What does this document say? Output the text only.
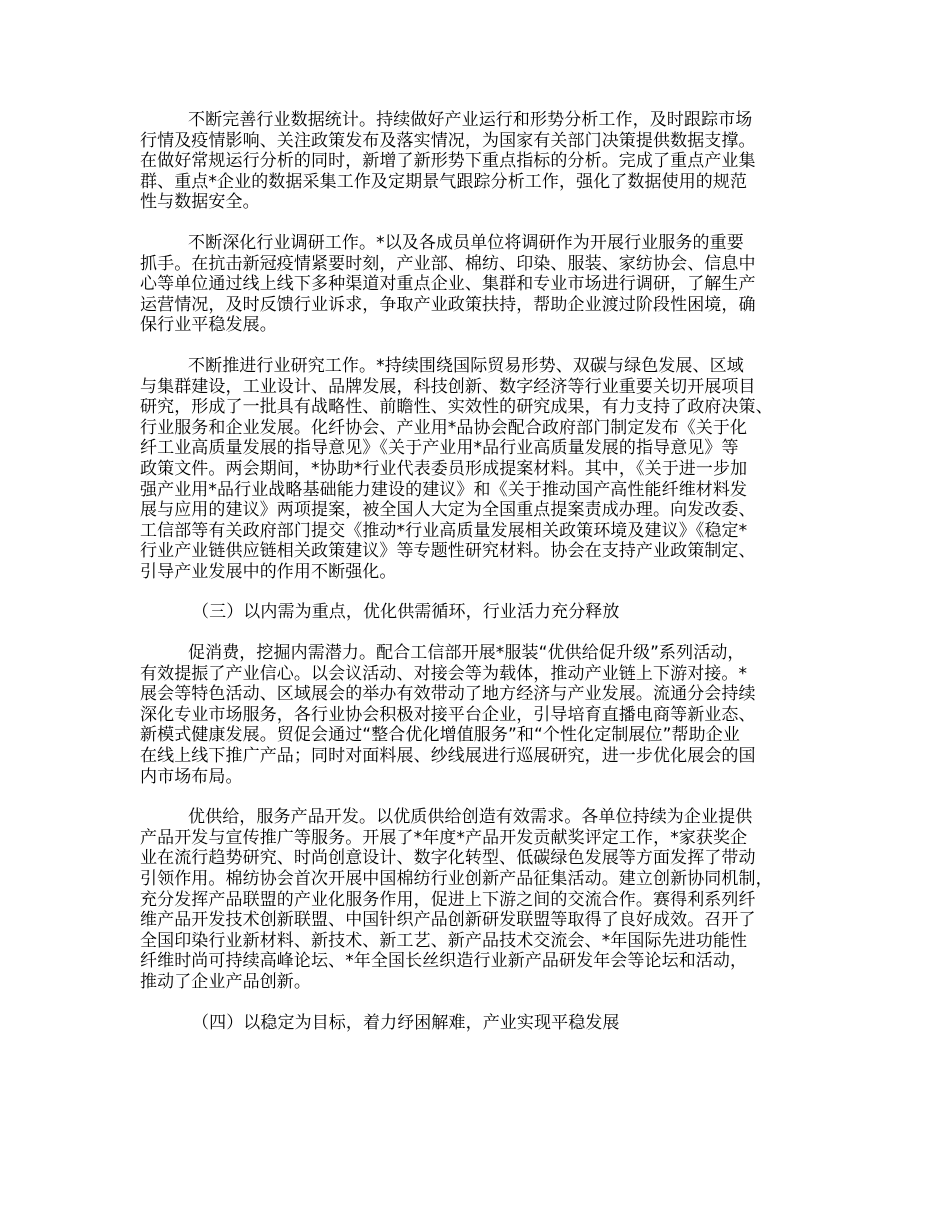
不断完善行业数据统计。持续做好产业运行和形势分析工作，及时跟踪市场
行情及疫情影响、关注政策发布及落实情况，为国家有关部门决策提供数据支撑。
在做好常规运行分析的同时，新增了新形势下重点指标的分析。完成了重点产业集
群、重点*企业的数据采集工作及定期景气跟踪分析工作，强化了数据使用的规范
性与数据安全。

不断深化行业调研工作。*以及各成员单位将调研作为开展行业服务的重要
抓手。在抗击新冠疫情紧要时刻，产业部、棉纺、印染、服装、家纺协会、信息中
心等单位通过线上线下多种渠道对重点企业、集群和专业市场进行调研，了解生产
运营情况，及时反馈行业诉求，争取产业政策扶持，帮助企业渡过阶段性困境，确
保行业平稳发展。

不断推进行业研究工作。*持续围绕国际贸易形势、双碳与绿色发展、区域
与集群建设，工业设计、品牌发展，科技创新、数字经济等行业重要关切开展项目
研究，形成了一批具有战略性、前瞻性、实效性的研究成果，有力支持了政府决策、
行业服务和企业发展。化纤协会、产业用*品协会配合政府部门制定发布《关于化
纤工业高质量发展的指导意见》《关于产业用*品行业高质量发展的指导意见》等
政策文件。两会期间，*协助*行业代表委员形成提案材料。其中，《关于进一步加
强产业用*品行业战略基础能力建设的建议》和《关于推动国产高性能纤维材料发
展与应用的建议》两项提案，被全国人大定为全国重点提案责成办理。向发改委、
工信部等有关政府部门提交《推动*行业高质量发展相关政策环境及建议》《稳定*
行业产业链供应链相关政策建议》等专题性研究材料。协会在支持产业政策制定、
引导产业发展中的作用不断强化。

（三）以内需为重点，优化供需循环，行业活力充分释放

促消费，挖掘内需潜力。配合工信部开展*服装“优供给促升级”系列活动，
有效提振了产业信心。以会议活动、对接会等为载体，推动产业链上下游对接。*
展会等特色活动、区域展会的举办有效带动了地方经济与产业发展。流通分会持续
深化专业市场服务，各行业协会积极对接平台企业，引导培育直播电商等新业态、
新模式健康发展。贸促会通过“整合优化增值服务”和“个性化定制展位”帮助企业
在线上线下推广产品；同时对面料展、纱线展进行巡展研究，进一步优化展会的国
内市场布局。

优供给，服务产品开发。以优质供给创造有效需求。各单位持续为企业提供
产品开发与宣传推广等服务。开展了*年度*产品开发贡献奖评定工作，*家获奖企
业在流行趋势研究、时尚创意设计、数字化转型、低碳绿色发展等方面发挥了带动
引领作用。棉纺协会首次开展中国棉纺行业创新产品征集活动。建立创新协同机制，
充分发挥产品联盟的产业化服务作用，促进上下游之间的交流合作。赛得利系列纤
维产品开发技术创新联盟、中国针织产品创新研发联盟等取得了良好成效。召开了
全国印染行业新材料、新技术、新工艺、新产品技术交流会、*年国际先进功能性
纤维时尚可持续高峰论坛、*年全国长丝织造行业新产品研发年会等论坛和活动，
推动了企业产品创新。

（四）以稳定为目标，着力纾困解难，产业实现平稳发展
